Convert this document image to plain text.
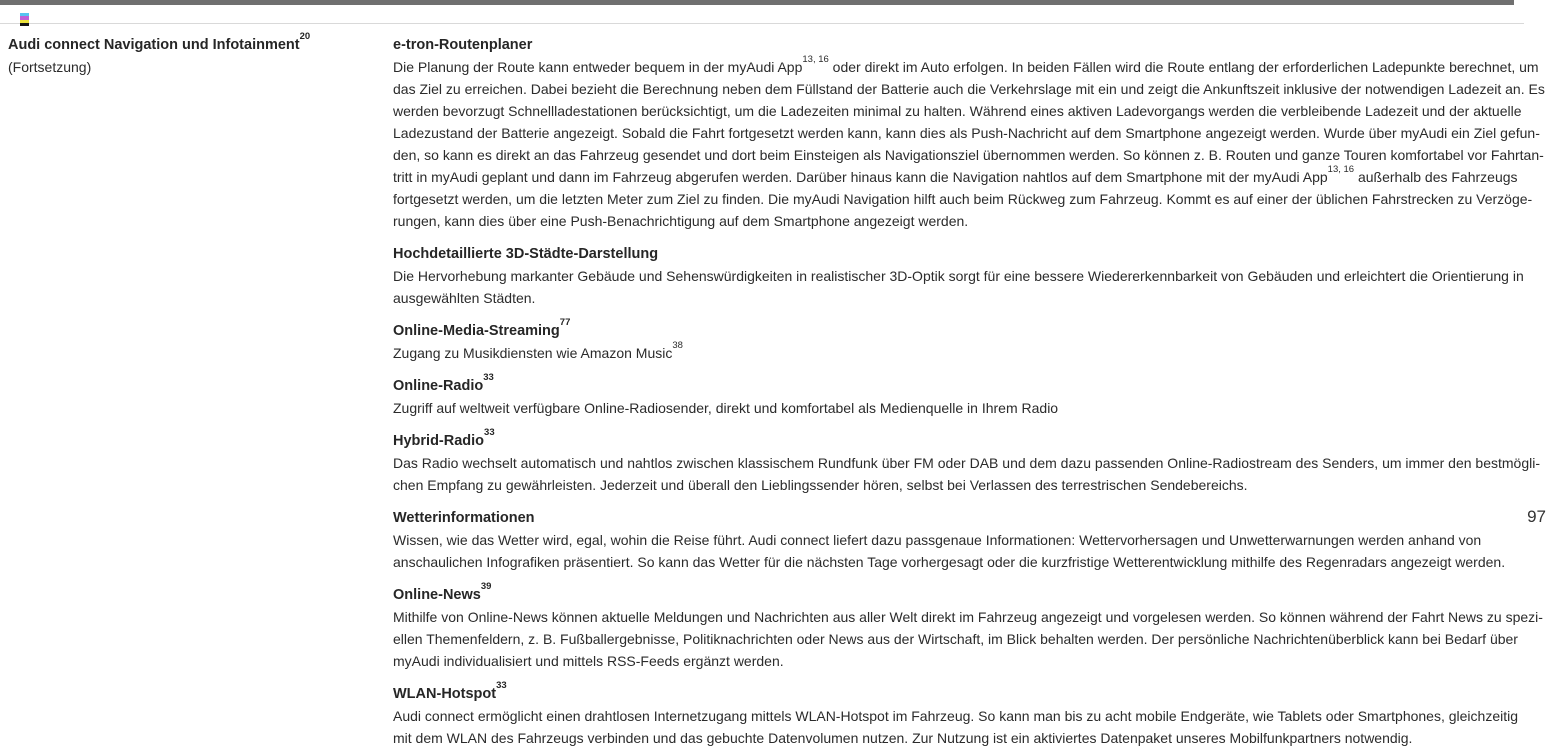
Audi connect Navigation und Infotainment$^{20}$
(Fortsetzung)
e-tron-Routenplaner
Die Planung der Route kann entweder bequem in der myAudi App$^{13, 16}$ oder direkt im Auto erfolgen. In beiden Fällen wird die Route entlang der erforderlichen Ladepunkte berechnet, um
das Ziel zu erreichen. Dabei bezieht die Berechnung neben dem Füllstand der Batterie auch die Verkehrslage mit ein und zeigt die Ankunftszeit inklusive der notwendigen Ladezeit an. Es
werden bevorzugt Schnellladestationen berücksichtigt, um die Ladezeiten minimal zu halten. Während eines aktiven Ladevorgangs werden die verbleibende Ladezeit und der aktuelle
Ladezustand der Batterie angezeigt. Sobald die Fahrt fortgesetzt werden kann, kann dies als Push-Nachricht auf dem Smartphone angezeigt werden. Wurde über myAudi ein Ziel gefun-
den, so kann es direkt an das Fahrzeug gesendet und dort beim Einsteigen als Navigationsziel übernommen werden. So können z. B. Routen und ganze Touren komfortabel vor Fahrtan-
tritt in myAudi geplant und dann im Fahrzeug abgerufen werden. Darüber hinaus kann die Navigation nahtlos auf dem Smartphone mit der myAudi App$^{13, 16}$ außerhalb des Fahrzeugs
fortgesetzt werden, um die letzten Meter zum Ziel zu finden. Die myAudi Navigation hilft auch beim Rückweg zum Fahrzeug. Kommt es auf einer der üblichen Fahrstrecken zu Verzöge-
rungen, kann dies über eine Push-Benachrichtigung auf dem Smartphone angezeigt werden.
Hochdetaillierte 3D-Städte-Darstellung
Die Hervorhebung markanter Gebäude und Sehenswürdigkeiten in realistischer 3D-Optik sorgt für eine bessere Wiedererkennbarkeit von Gebäuden und erleichtert die Orientierung in
ausgewählten Städten.
Online-Media-Streaming$^{77}$
Zugang zu Musikdiensten wie Amazon Music$^{38}$
Online-Radio$^{33}$
Zugriff auf weltweit verfügbare Online-Radiosender, direkt und komfortabel als Medienquelle in Ihrem Radio
Hybrid-Radio$^{33}$
Das Radio wechselt automatisch und nahtlos zwischen klassischem Rundfunk über FM oder DAB und dem dazu passenden Online-Radiostream des Senders, um immer den bestmögli-
chen Empfang zu gewährleisten. Jederzeit und überall den Lieblingssender hören, selbst bei Verlassen des terrestrischen Sendebereichs.
Wetterinformationen
Wissen, wie das Wetter wird, egal, wohin die Reise führt. Audi connect liefert dazu passgenaue Informationen: Wettervorhersagen und Unwetterwarnungen werden anhand von
anschaulichen Infografiken präsentiert. So kann das Wetter für die nächsten Tage vorhergesagt oder die kurzfristige Wetterentwicklung mithilfe des Regenradars angezeigt werden.
Online-News$^{39}$
Mithilfe von Online-News können aktuelle Meldungen und Nachrichten aus aller Welt direkt im Fahrzeug angezeigt und vorgelesen werden. So können während der Fahrt News zu spezi-
ellen Themenfeldern, z. B. Fußballergebnisse, Politiknachrichten oder News aus der Wirtschaft, im Blick behalten werden. Der persönliche Nachrichtenüberblick kann bei Bedarf über
myAudi individualisiert und mittels RSS-Feeds ergänzt werden.
WLAN-Hotspot$^{33}$
Audi connect ermöglicht einen drahtlosen Internetzugang mittels WLAN-Hotspot im Fahrzeug. So kann man bis zu acht mobile Endgeräte, wie Tablets oder Smartphones, gleichzeitig
mit dem WLAN des Fahrzeugs verbinden und das gebuchte Datenvolumen nutzen. Zur Nutzung ist ein aktiviertes Datenpaket unseres Mobilfunkpartners notwendig.
97
